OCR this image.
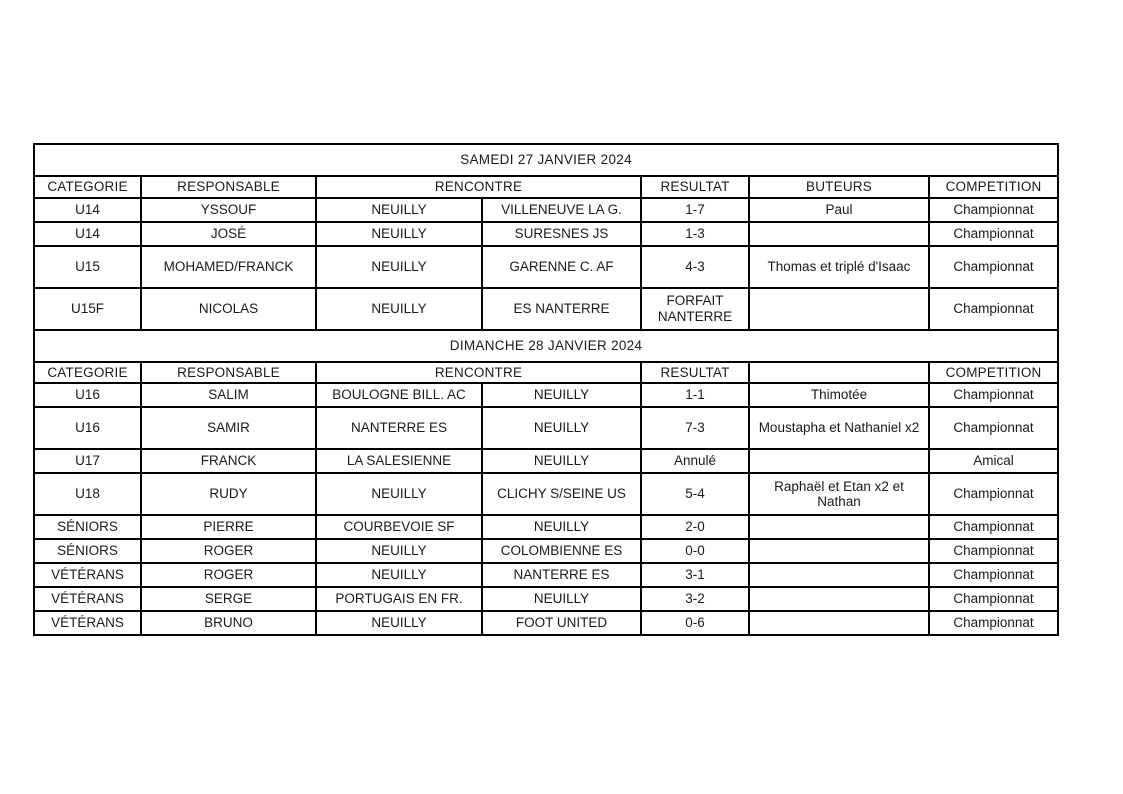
SAMEDI 27 JANVIER 2024						
CATEGORIE	RESPONSABLE	RENCONTRE		RESULTAT	BUTEURS	COMPETITION
U14	YSSOUF	NEUILLY	VILLENEUVE LA G.	1-7	Paul	Championnat
U14	JOSÉ	NEUILLY	SURESNES JS	1-3		Championnat
U15	MOHAMED/FRANCK	NEUILLY	GARENNE C. AF	4-3	Thomas et triplé d'Isaac	Championnat
U15F	NICOLAS	NEUILLY	ES NANTERRE	FORFAIT NANTERRE		Championnat
DIMANCHE 28 JANVIER 2024						
CATEGORIE	RESPONSABLE	RENCONTRE		RESULTAT		COMPETITION
U16	SALIM	BOULOGNE BILL. AC	NEUILLY	1-1	Thimotée	Championnat
U16	SAMIR	NANTERRE ES	NEUILLY	7-3	Moustapha et Nathaniel x2	Championnat
U17	FRANCK	LA SALESIENNE	NEUILLY	Annulé		Amical
U18	RUDY	NEUILLY	CLICHY S/SEINE US	5-4	Raphaël et Etan x2 et Nathan	Championnat
SÉNIORS	PIERRE	COURBEVOIE SF	NEUILLY	2-0		Championnat
SÉNIORS	ROGER	NEUILLY	COLOMBIENNE ES	0-0		Championnat
VÉTÉRANS	ROGER	NEUILLY	NANTERRE ES	3-1		Championnat
VÉTÉRANS	SERGE	PORTUGAIS EN FR.	NEUILLY	3-2		Championnat
VÉTÉRANS	BRUNO	NEUILLY	FOOT UNITED	0-6		Championnat
